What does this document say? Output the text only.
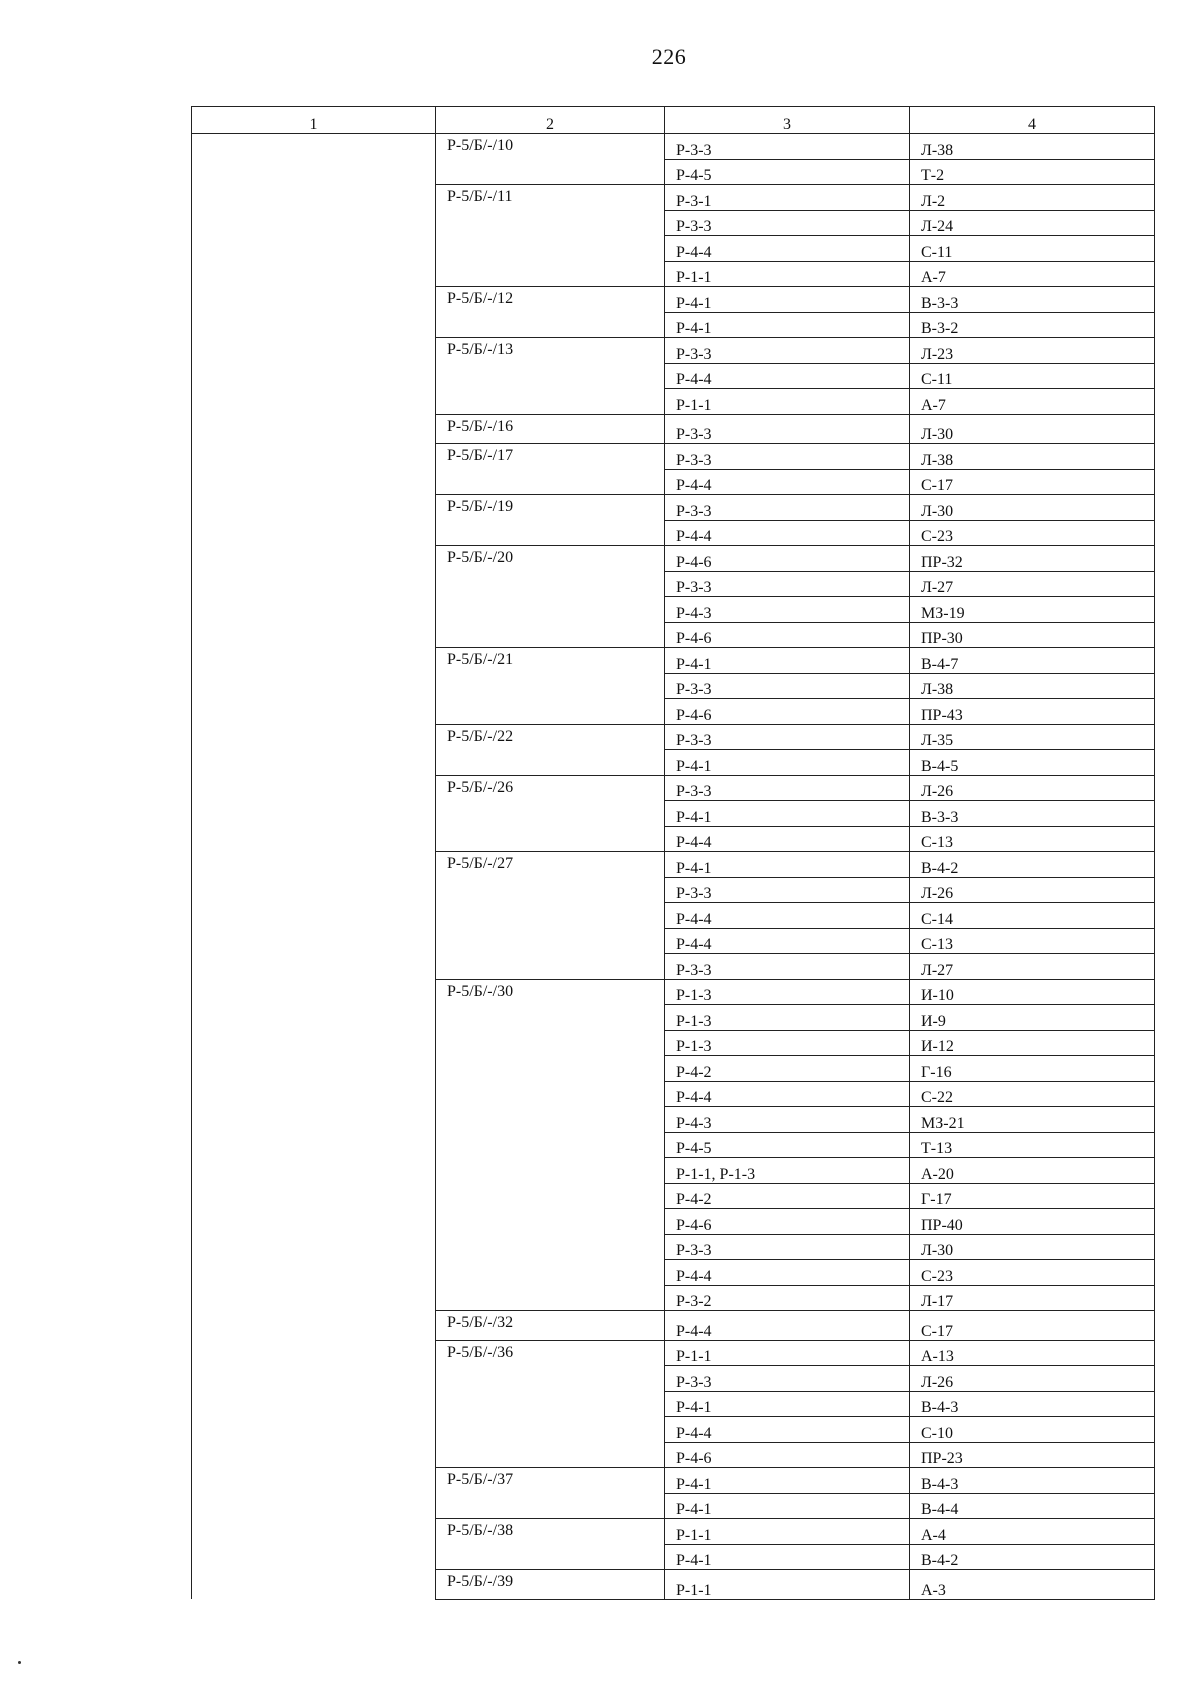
226
1	2	3	4
	Р-5/Б/-/10	Р-3-3	Л-38
		Р-4-5	Т-2
	Р-5/Б/-/11	Р-3-1	Л-2
		Р-3-3	Л-24
		Р-4-4	С-11
		Р-1-1	А-7
	Р-5/Б/-/12	Р-4-1	В-3-3
		Р-4-1	В-3-2
	Р-5/Б/-/13	Р-3-3	Л-23
		Р-4-4	С-11
		Р-1-1	А-7
	Р-5/Б/-/16	Р-3-3	Л-30
	Р-5/Б/-/17	Р-3-3	Л-38
		Р-4-4	С-17
	Р-5/Б/-/19	Р-3-3	Л-30
		Р-4-4	С-23
	Р-5/Б/-/20	Р-4-6	ПР-32
		Р-3-3	Л-27
		Р-4-3	МЗ-19
		Р-4-6	ПР-30
	Р-5/Б/-/21	Р-4-1	В-4-7
		Р-3-3	Л-38
		Р-4-6	ПР-43
	Р-5/Б/-/22	Р-3-3	Л-35
		Р-4-1	В-4-5
	Р-5/Б/-/26	Р-3-3	Л-26
		Р-4-1	В-3-3
		Р-4-4	С-13
	Р-5/Б/-/27	Р-4-1	В-4-2
		Р-3-3	Л-26
		Р-4-4	С-14
		Р-4-4	С-13
		Р-3-3	Л-27
	Р-5/Б/-/30	Р-1-3	И-10
		Р-1-3	И-9
		Р-1-3	И-12
		Р-4-2	Г-16
		Р-4-4	С-22
		Р-4-3	МЗ-21
		Р-4-5	Т-13
		Р-1-1, Р-1-3	А-20
		Р-4-2	Г-17
		Р-4-6	ПР-40
		Р-3-3	Л-30
		Р-4-4	С-23
		Р-3-2	Л-17
	Р-5/Б/-/32	Р-4-4	С-17
	Р-5/Б/-/36	Р-1-1	А-13
		Р-3-3	Л-26
		Р-4-1	В-4-3
		Р-4-4	С-10
		Р-4-6	ПР-23
	Р-5/Б/-/37	Р-4-1	В-4-3
		Р-4-1	В-4-4
	Р-5/Б/-/38	Р-1-1	А-4
		Р-4-1	В-4-2
	Р-5/Б/-/39	Р-1-1	А-3
